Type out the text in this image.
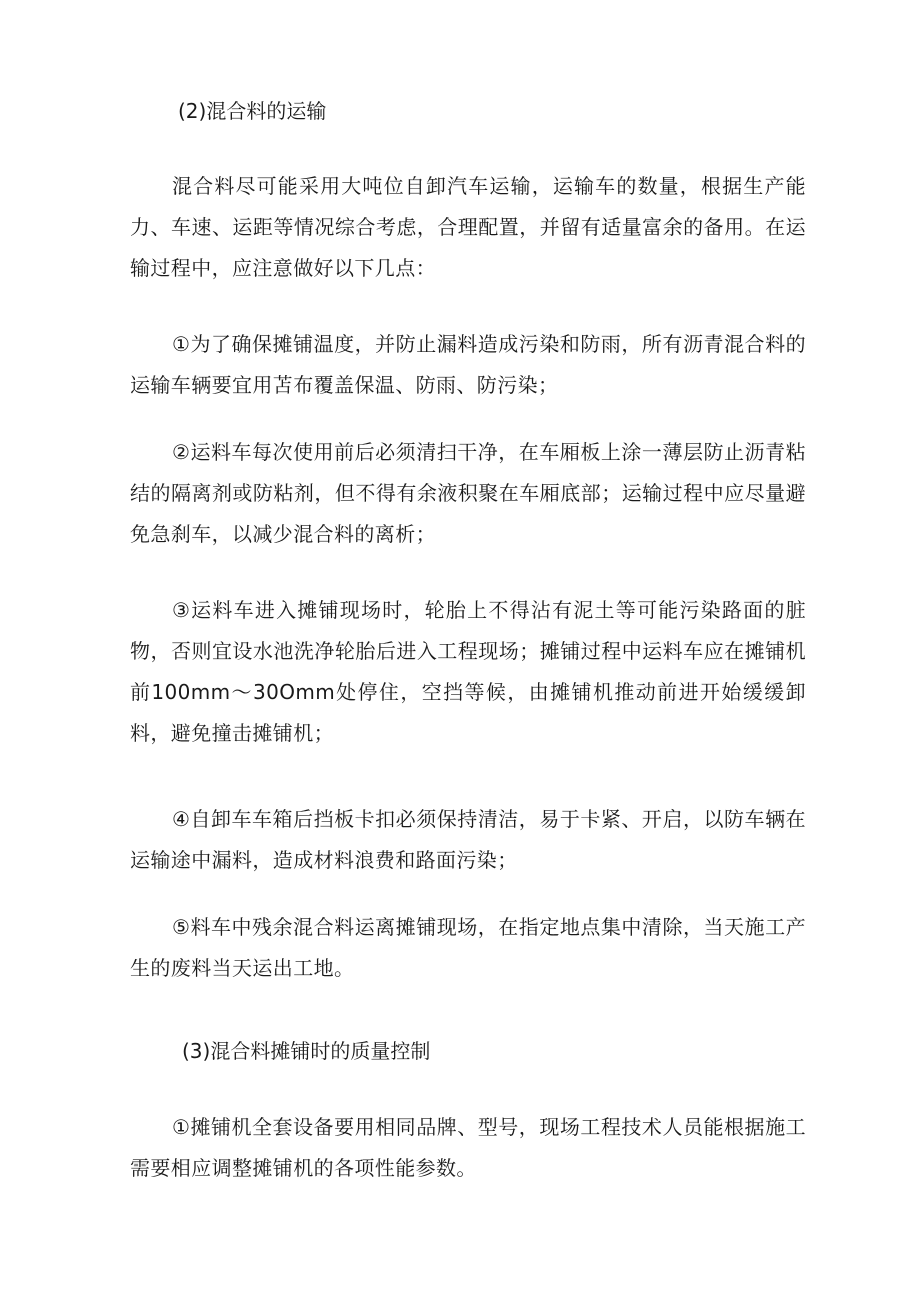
(2)混合料的运输

混合料尽可能采用大吨位自卸汽车运输，运输车的数量，根据生产能力、车速、运距等情况综合考虑，合理配置，并留有适量富余的备用。在运输过程中，应注意做好以下几点：

①为了确保摊铺温度，并防止漏料造成污染和防雨，所有沥青混合料的运输车辆要宜用苫布覆盖保温、防雨、防污染；

②运料车每次使用前后必须清扫干净，在车厢板上涂一薄层防止沥青粘结的隔离剂或防粘剂，但不得有余液积聚在车厢底部；运输过程中应尽量避免急刹车，以减少混合料的离析；

③运料车进入摊铺现场时，轮胎上不得沾有泥土等可能污染路面的脏物，否则宜设水池洗净轮胎后进入工程现场；摊铺过程中运料车应在摊铺机前100mm～30Omm处停住，空挡等候，由摊铺机推动前进开始缓缓卸料，避免撞击摊铺机；

④自卸车车箱后挡板卡扣必须保持清洁，易于卡紧、开启，以防车辆在运输途中漏料，造成材料浪费和路面污染；

⑤料车中残余混合料运离摊铺现场，在指定地点集中清除，当天施工产生的废料当天运出工地。

(3)混合料摊铺时的质量控制

①摊铺机全套设备要用相同品牌、型号，现场工程技术人员能根据施工需要相应调整摊铺机的各项性能参数。
